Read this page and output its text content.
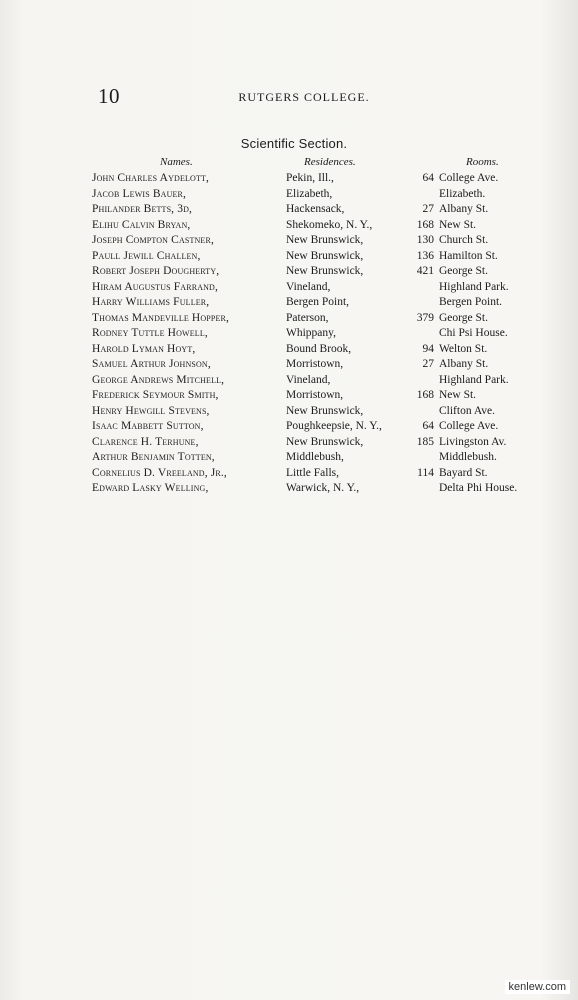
10	RUTGERS COLLEGE.
Scientific Section.
Names.	Residences.	Rooms.
John Charles Aydelott,	Pekin, Ill.,	64 College Ave.
Jacob Lewis Bauer,	Elizabeth,	Elizabeth.
Philander Betts, 3d,	Hackensack,	27 Albany St.
Elihu Calvin Bryan,	Shekomeko, N. Y.,	168 New St.
Joseph Compton Castner,	New Brunswick,	130 Church St.
Paull Jewill Challen,	New Brunswick,	136 Hamilton St.
Robert Joseph Dougherty,	New Brunswick,	421 George St.
Hiram Augustus Farrand,	Vineland,	Highland Park.
Harry Williams Fuller,	Bergen Point,	Bergen Point.
Thomas Mandeville Hopper,	Paterson,	379 George St.
Rodney Tuttle Howell,	Whippany,	Chi Psi House.
Harold Lyman Hoyt,	Bound Brook,	94 Welton St.
Samuel Arthur Johnson,	Morristown,	27 Albany St.
George Andrews Mitchell,	Vineland,	Highland Park.
Frederick Seymour Smith,	Morristown,	168 New St.
Henry Hewgill Stevens,	New Brunswick,	Clifton Ave.
Isaac Mabbett Sutton,	Poughkeepsie, N. Y.,	64 College Ave.
Clarence H. Terhune,	New Brunswick,	185 Livingston Av.
Arthur Benjamin Totten,	Middlebush,	Middlebush.
Cornelius D. Vreeland, Jr.,	Little Falls,	114 Bayard St.
Edward Lasky Welling,	Warwick, N. Y.,	Delta Phi House.
kenlew.com
